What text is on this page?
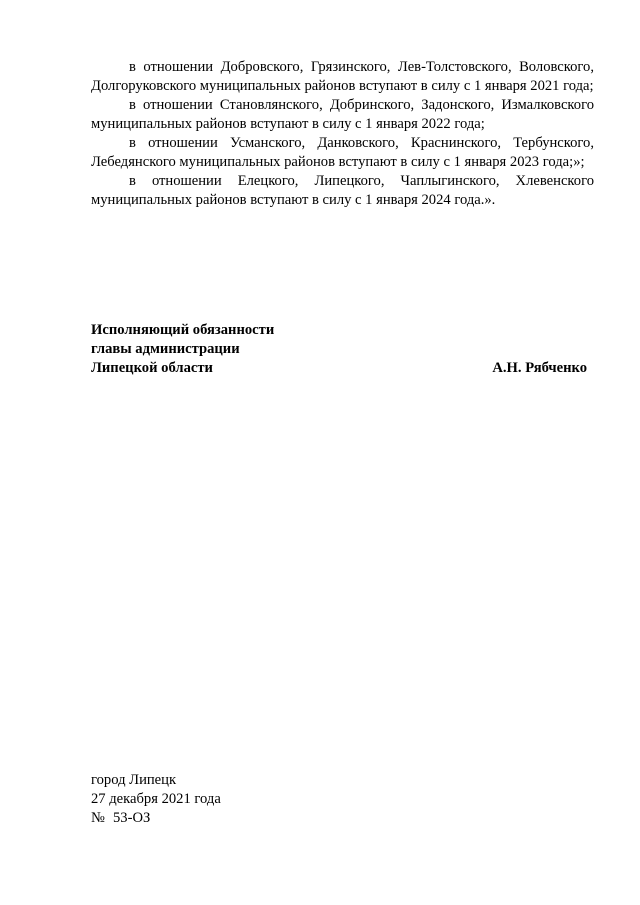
в отношении Добровского, Грязинского, Лев-Толстовского, Воловского, Долгоруковского муниципальных районов вступают в силу с 1 января 2021 года;

в отношении Становлянского, Добринского, Задонского, Измалковского муниципальных районов вступают в силу с 1 января 2022 года;

в отношении Усманского, Данковского, Краснинского, Тербунского, Лебедянского муниципальных районов вступают в силу с 1 января 2023 года;»;

в отношении Елецкого, Липецкого, Чаплыгинского, Хлевенского муниципальных районов вступают в силу с 1 января 2024 года.».

Исполняющий обязанности
главы администрации
Липецкой области	А.Н. Рябченко
город Липецк
27 декабря 2021 года
№ 53-ОЗ
